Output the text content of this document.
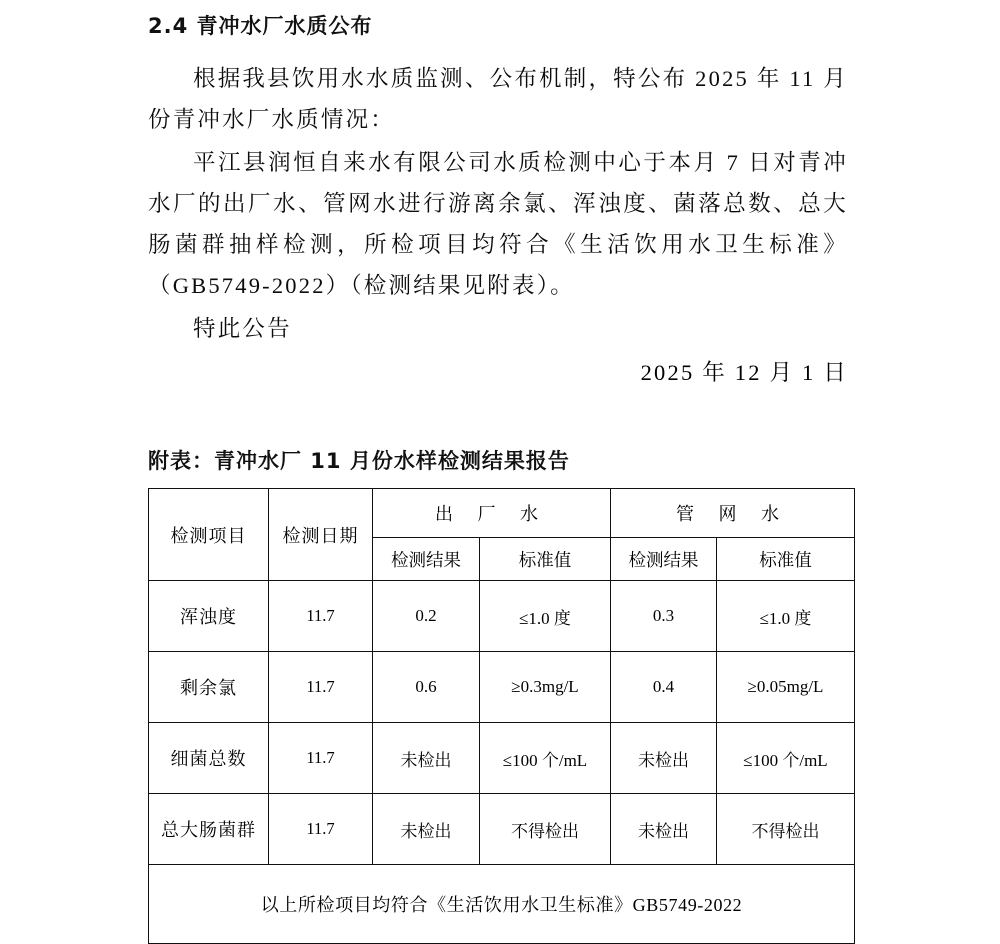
2.4 青冲水厂水质公布

根据我县饮用水水质监测、公布机制，特公布 2025 年 11 月份青冲水厂水质情况：

平江县润恒自来水有限公司水质检测中心于本月 7 日对青冲水厂的出厂水、管网水进行游离余氯、浑浊度、菌落总数、总大肠菌群抽样检测，所检项目均符合《生活饮用水卫生标准》（GB5749-2022）（检测结果见附表）。

特此公告

2025 年 12 月 1 日
附表：青冲水厂 11 月份水样检测结果报告
检测项目	检测日期	出 厂 水		管 网 水	
		检测结果	标准值	检测结果	标准值
浑浊度	11.7	0.2	≤1.0 度	0.3	≤1.0 度
剩余氯	11.7	0.6	≥0.3mg/L	0.4	≥0.05mg/L
细菌总数	11.7	未检出	≤100 个/mL	未检出	≤100 个/mL
总大肠菌群	11.7	未检出	不得检出	未检出	不得检出
以上所检项目均符合《生活饮用水卫生标准》GB5749-2022					
